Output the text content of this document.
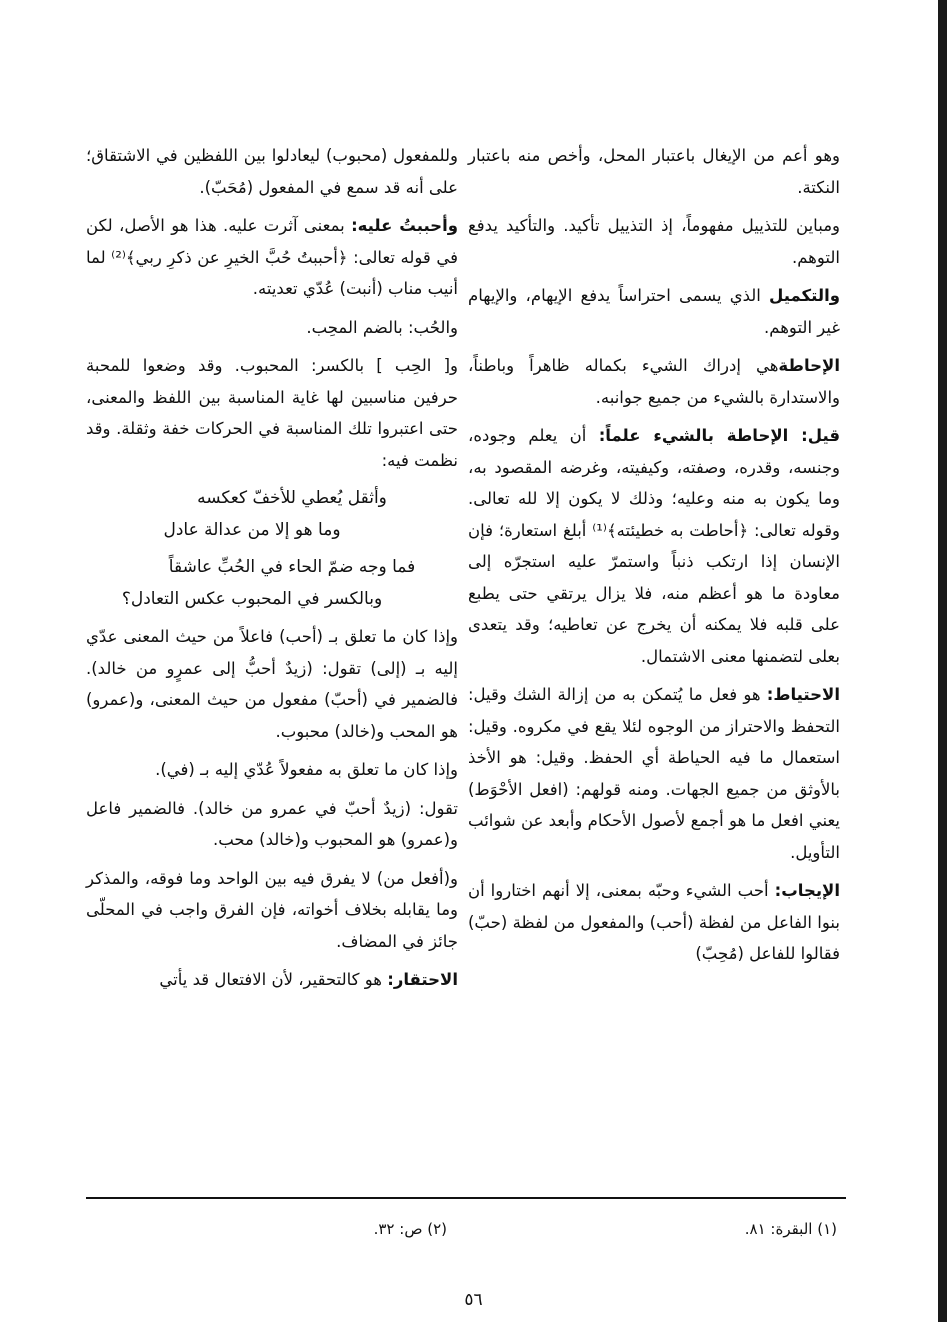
وهو أعم من الإيغال باعتبار المحل، وأخص منه باعتبار النكتة.

ومباين للتذييل مفهوماً، إذ التذييل تأكيد. والتأكيد يدفع التوهم.

والتكميل الذي يسمى احتراساً يدفع الإيهام، والإيهام غير التوهم.

الإحاطةهي إدراك الشيء بكماله ظاهراً وباطناً، والاستدارة بالشيء من جميع جوانبه.

قيل: الإحاطة بالشيء علماً: أن يعلم وجوده، وجنسه، وقدره، وصفته، وكيفيته، وغرضه المقصود به، وما يكون به منه وعليه؛ وذلك لا يكون إلا لله تعالى. وقوله تعالى: ﴿أحاطت به خطيئته﴾⁽¹⁾ أبلغ استعارة؛ فإن الإنسان إذا ارتكب ذنباً واستمرّ عليه استجرّه إلى معاودة ما هو أعظم منه، فلا يزال يرتقي حتى يطبع على قلبه فلا يمكنه أن يخرج عن تعاطيه؛ وقد يتعدى بعلى لتضمنها معنى الاشتمال.

الاحتياط: هو فعل ما يُتمكن به من إزالة الشك وقيل: التحفظ والاحتراز من الوجوه لئلا يقع في مكروه. وقيل: استعمال ما فيه الحياطة أي الحفظ. وقيل: هو الأخذ بالأوثق من جميع الجهات. ومنه قولهم: (افعل الأحْوَط) يعني افعل ما هو أجمع لأصول الأحكام وأبعد عن شوائب التأويل.

الإيجاب: أحب الشيء وحبّه بمعنى، إلا أنهم اختاروا أن بنوا الفاعل من لفظة (أحب) والمفعول من لفظة (حبّ) فقالوا للفاعل (مُحِبّ)

وللمفعول (محبوب) ليعادلوا بين اللفظين في الاشتقاق؛ على أنه قد سمع في المفعول (مُحَبّ).

وأحببتُ عليه: بمعنى آثرت عليه. هذا هو الأصل، لكن في قوله تعالى: ﴿أحببتُ حُبَّ الخيرِ عن ذكرِ ربي﴾⁽²⁾ لما أنيب مناب (أنبت) عُدّي تعديته.

والحُب: بالضم المحِب.

و[ الحِب ] بالكسر: المحبوب. وقد وضعوا للمحبة حرفين مناسبين لها غاية المناسبة بين اللفظ والمعنى، حتى اعتبروا تلك المناسبة في الحركات خفة وثقلة. وقد نظمت فيه:

وأثقل يُعطي للأخفّ كعكسه
وما هو إلا من عدالة عادل
فما وجه ضمّ الحاء في الحُبِّ عاشقاً
وبالكسر في المحبوب عكس التعادل؟

وإذا كان ما تعلق بـ (أحب) فاعلاً من حيث المعنى عدّي إليه بـ (إلى) تقول: (زيدٌ أحبُّ إلى عمرٍو من خالد). فالضمير في (أحبّ) مفعول من حيث المعنى، و(عمرو) هو المحب و(خالد) محبوب.

وإذا كان ما تعلق به مفعولاً عُدّي إليه بـ (في).

تقول: (زيدٌ أحبّ في عمرو من خالد). فالضمير فاعل و(عمرو) هو المحبوب و(خالد) محب.

و(أفعل من) لا يفرق فيه بين الواحد وما فوقه، والمذكر وما يقابله بخلاف أخواته، فإن الفرق واجب في المحلّى جائز في المضاف.

الاحتقار: هو كالتحقير، لأن الافتعال قد يأتي

(١) البقرة: ٨١.
(٢) ص: ٣٢.
٥٦
